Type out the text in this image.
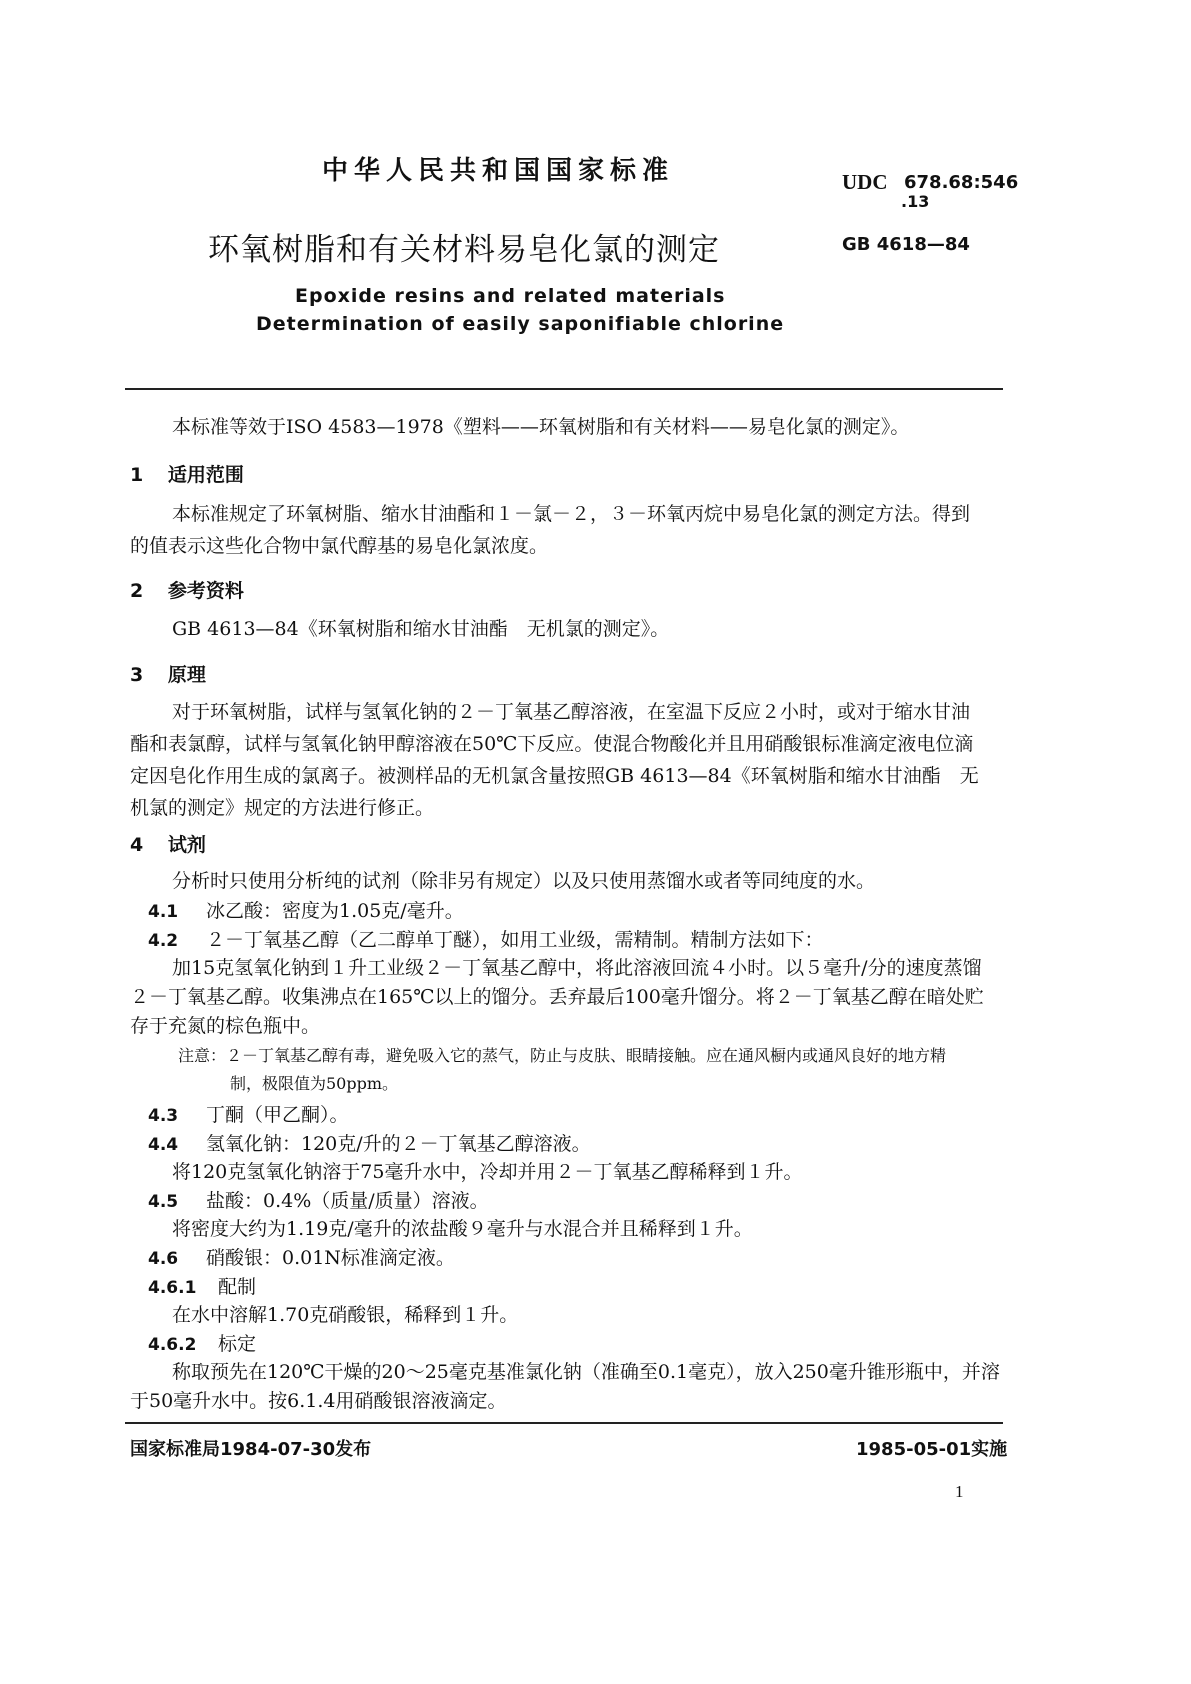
中华人民共和国国家标准	UDC 678.68:546
.13
环氧树脂和有关材料易皂化氯的测定	GB 4618—84
Epoxide resins and related materials
Determination of easily saponifiable chlorine
本标准等效于ISO 4583—1978《塑料——环氧树脂和有关材料——易皂化氯的测定》。
1 适用范围
本标准规定了环氧树脂、缩水甘油酯和１－氯－２，３－环氧丙烷中易皂化氯的测定方法。得到
的值表示这些化合物中氯代醇基的易皂化氯浓度。
2 参考资料
GB 4613—84《环氧树脂和缩水甘油酯　无机氯的测定》。
3 原理
对于环氧树脂，试样与氢氧化钠的２－丁氧基乙醇溶液，在室温下反应２小时，或对于缩水甘油
酯和表氯醇，试样与氢氧化钠甲醇溶液在50℃下反应。使混合物酸化并且用硝酸银标准滴定液电位滴
定因皂化作用生成的氯离子。被测样品的无机氯含量按照GB 4613—84《环氧树脂和缩水甘油酯　无
机氯的测定》规定的方法进行修正。
4 试剂
分析时只使用分析纯的试剂（除非另有规定）以及只使用蒸馏水或者等同纯度的水。
4.1 冰乙酸：密度为1.05克/毫升。
4.2 ２－丁氧基乙醇（乙二醇单丁醚），如用工业级，需精制。精制方法如下：
加15克氢氧化钠到１升工业级２－丁氧基乙醇中，将此溶液回流４小时。以５毫升/分的速度蒸馏
２－丁氧基乙醇。收集沸点在165℃以上的馏分。丢弃最后100毫升馏分。将２－丁氧基乙醇在暗处贮
存于充氮的棕色瓶中。
注意：２－丁氧基乙醇有毒，避免吸入它的蒸气，防止与皮肤、眼睛接触。应在通风橱内或通风良好的地方精
制，极限值为50ppm。
4.3 丁酮（甲乙酮）。
4.4 氢氧化钠：120克/升的２－丁氧基乙醇溶液。
将120克氢氧化钠溶于75毫升水中，冷却并用２－丁氧基乙醇稀释到１升。
4.5 盐酸：0.4%（质量/质量）溶液。
将密度大约为1.19克/毫升的浓盐酸９毫升与水混合并且稀释到１升。
4.6 硝酸银：0.01N标准滴定液。
4.6.1 配制
在水中溶解1.70克硝酸银，稀释到１升。
4.6.2 标定
称取预先在120℃干燥的20～25毫克基准氯化钠（准确至0.1毫克），放入250毫升锥形瓶中，并溶
于50毫升水中。按6.1.4用硝酸银溶液滴定。
国家标准局1984-07-30发布	1985-05-01实施
1
